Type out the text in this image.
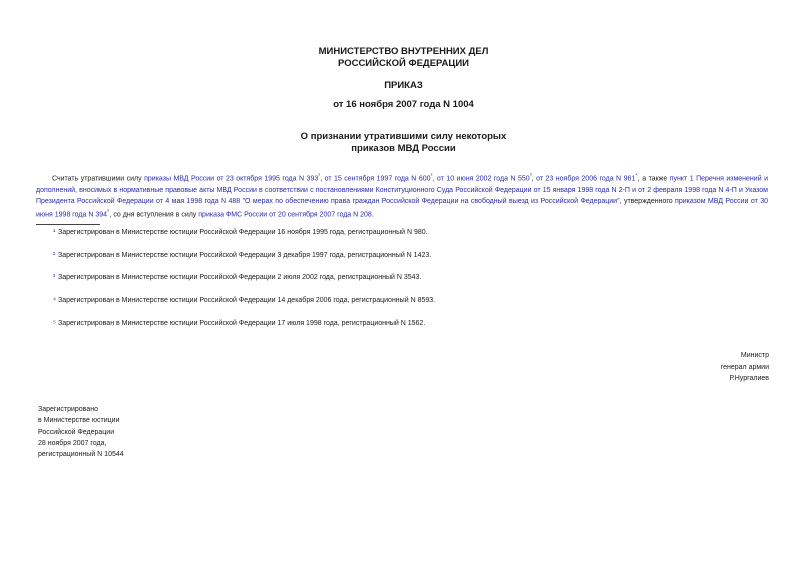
МИНИСТЕРСТВО ВНУТРЕННИХ ДЕЛ
РОССИЙСКОЙ ФЕДЕРАЦИИ
ПРИКАЗ
от 16 ноября 2007 года N 1004
О признании утратившими силу некоторых
приказов МВД России
Считать утратившими силу приказы МВД России от 23 октября 1995 года N $393^{^1}$, от 15 сентября 1997 года N $600^{^2}$, от 10 июня 2002 года N $550^{^3}$, от 23 ноября 2006 года N $961^{^4}$, а также пункт 1 Перечня изменений и дополнений, вносимых в нормативные правовые акты МВД России в соответствии с постановлениями Конституционного Суда Российской Федерации от 15 января 1998 года N 2-П и от 2 февраля 1998 года N 4-П и Указом Президента Российской Федерации от 4 мая 1998 года N 488 "О мерах по обеспечению права граждан Российской Федерации на свободный выезд из Российской Федерации", утвержденного приказом МВД России от 30 июня 1998 года N $394^{^5}$, со дня вступления в силу приказа ФМС России от 20 сентября 2007 года N 208.
¹ Зарегистрирован в Министерстве юстиции Российской Федерации 16 ноября 1995 года, регистрационный N 980.
² Зарегистрирован в Министерстве юстиции Российской Федерации 3 декабря 1997 года, регистрационный N 1423.
³ Зарегистрирован в Министерстве юстиции Российской Федерации 2 июля 2002 года, регистрационный N 3543.
⁴ Зарегистрирован в Министерстве юстиции Российской Федерации 14 декабря 2006 года, регистрационный N 8593.
⁵ Зарегистрирован в Министерстве юстиции Российской Федерации 17 июля 1998 года, регистрационный N 1562.
Министр
генерал армии
Р.Нургалиев
Зарегистрировано
в Министерстве юстиции
Российской Федерации
28 ноября 2007 года,
регистрационный N 10544
